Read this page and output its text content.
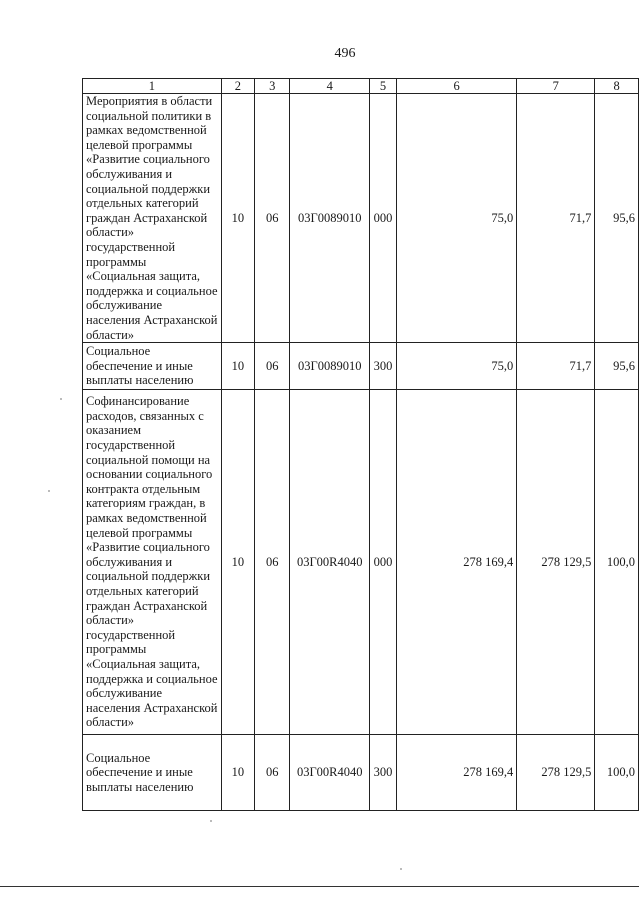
496
1	2	3	4	5	6	7	8
Мероприятия в области социальной политики в рамках ведомственной целевой программы «Развитие социального обслуживания и социальной поддержки отдельных категорий граждан Астраханской области» государственной программы «Социальная защита, поддержка и социальное обслуживание населения Астраханской области»	10	06	03Г0089010	000	75,0	71,7	95,6
Социальное обеспечение и иные выплаты населению	10	06	03Г0089010	300	75,0	71,7	95,6
Софинансирование расходов, связанных с оказанием государственной социальной помощи на основании социального контракта отдельным категориям граждан, в рамках ведомственной целевой программы «Развитие социального обслуживания и социальной поддержки отдельных категорий граждан Астраханской области» государственной программы «Социальная защита, поддержка и социальное обслуживание населения Астраханской области»	10	06	03Г00R4040	000	278 169,4	278 129,5	100,0
Социальное обеспечение и иные выплаты населению	10	06	03Г00R4040	300	278 169,4	278 129,5	100,0
